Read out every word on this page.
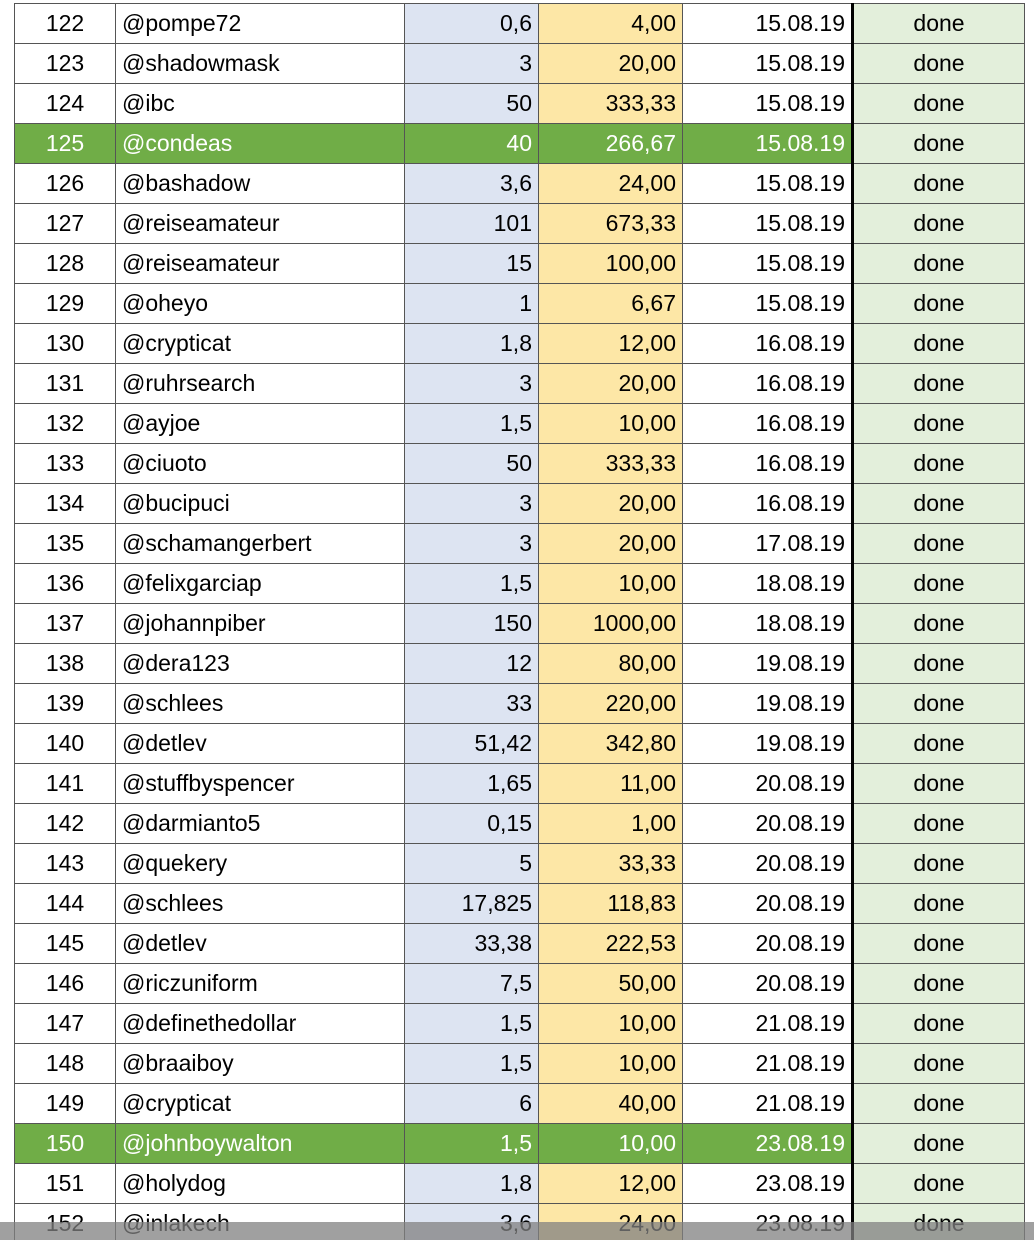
122	@pompe72	0,6	4,00	15.08.19	done
123	@shadowmask	3	20,00	15.08.19	done
124	@ibc	50	333,33	15.08.19	done
125	@condeas	40	266,67	15.08.19	done
126	@bashadow	3,6	24,00	15.08.19	done
127	@reiseamateur	101	673,33	15.08.19	done
128	@reiseamateur	15	100,00	15.08.19	done
129	@oheyo	1	6,67	15.08.19	done
130	@crypticat	1,8	12,00	16.08.19	done
131	@ruhrsearch	3	20,00	16.08.19	done
132	@ayjoe	1,5	10,00	16.08.19	done
133	@ciuoto	50	333,33	16.08.19	done
134	@bucipuci	3	20,00	16.08.19	done
135	@schamangerbert	3	20,00	17.08.19	done
136	@felixgarciap	1,5	10,00	18.08.19	done
137	@johannpiber	150	1000,00	18.08.19	done
138	@dera123	12	80,00	19.08.19	done
139	@schlees	33	220,00	19.08.19	done
140	@detlev	51,42	342,80	19.08.19	done
141	@stuffbyspencer	1,65	11,00	20.08.19	done
142	@darmianto5	0,15	1,00	20.08.19	done
143	@quekery	5	33,33	20.08.19	done
144	@schlees	17,825	118,83	20.08.19	done
145	@detlev	33,38	222,53	20.08.19	done
146	@riczuniform	7,5	50,00	20.08.19	done
147	@definethedollar	1,5	10,00	21.08.19	done
148	@braaiboy	1,5	10,00	21.08.19	done
149	@crypticat	6	40,00	21.08.19	done
150	@johnboywalton	1,5	10,00	23.08.19	done
151	@holydog	1,8	12,00	23.08.19	done
